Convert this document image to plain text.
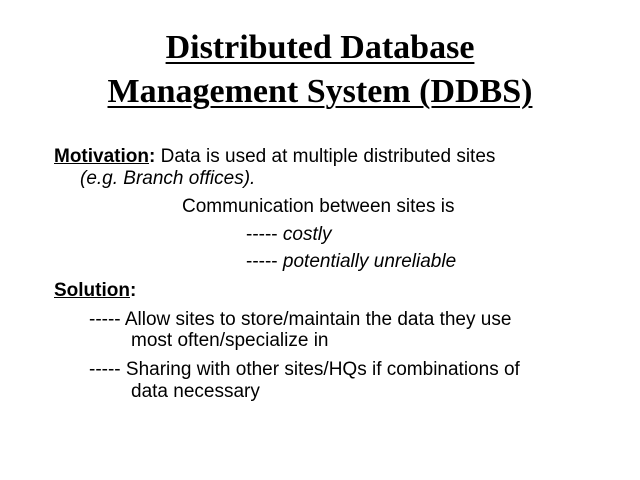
Distributed Database
Management System (DDBS)
Motivation: Data is used at multiple distributed sites
(e.g. Branch offices).
Communication between sites is
----- costly
----- potentially unreliable
Solution:
----- Allow sites to store/maintain the data they use
most often/specialize in
----- Sharing with other sites/HQs if combinations of
data necessary
